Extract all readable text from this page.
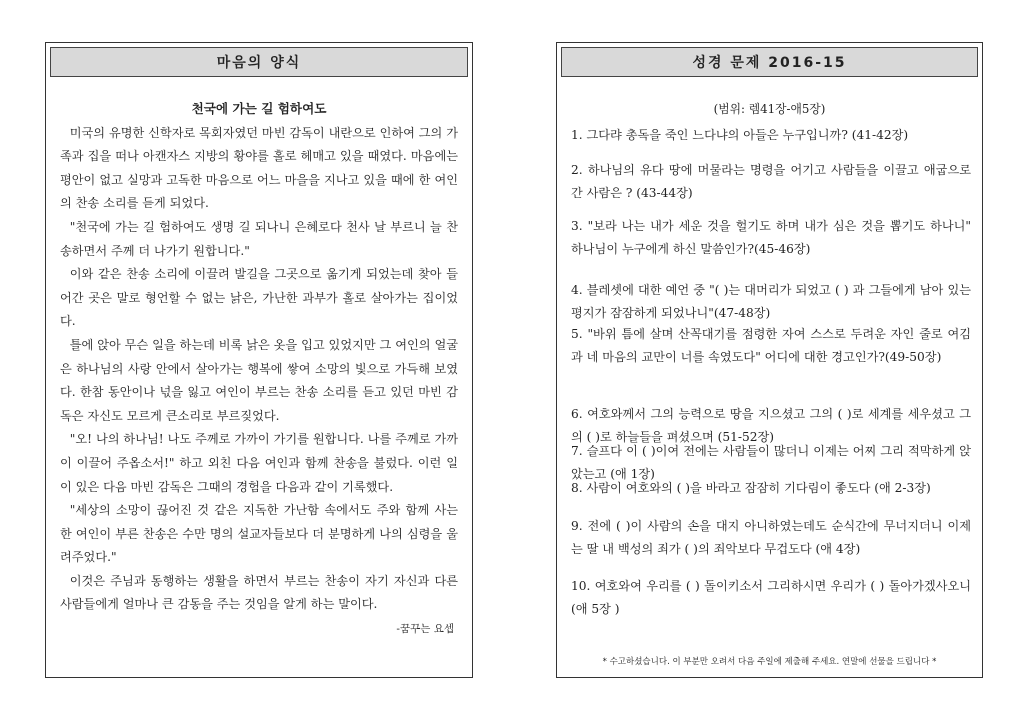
마음의 양식
천국에 가는 길 험하여도

미국의 유명한 신학자로 목회자였던 마빈 감독이 내란으로 인하여 그의 가족과 집을 떠나 아캔자스 지방의 황야를 홀로 헤매고 있을 때였다. 마음에는 평안이 없고 실망과 고독한 마음으로 어느 마을을 지나고 있을 때에 한 여인의 찬송 소리를 듣게 되었다.

"천국에 가는 길 험하여도 생명 길 되나니 은혜로다 천사 날 부르니 늘 찬송하면서 주께 더 나가기 원합니다."

이와 같은 찬송 소리에 이끌려 발길을 그곳으로 옮기게 되었는데 찾아 들어간 곳은 말로 형언할 수 없는 낡은, 가난한 과부가 홀로 살아가는 집이었다.

틀에 앉아 무슨 일을 하는데 비록 낡은 옷을 입고 있었지만 그 여인의 얼굴은 하나님의 사랑 안에서 살아가는 행복에 쌓여 소망의 빛으로 가득해 보였다. 한참 동안이나 넋을 잃고 여인이 부르는 찬송 소리를 듣고 있던 마빈 감독은 자신도 모르게 큰소리로 부르짖었다.

"오! 나의 하나님! 나도 주께로 가까이 가기를 원합니다. 나를 주께로 가까이 이끌어 주옵소서!" 하고 외친 다음 여인과 함께 찬송을 불렀다. 이런 일이 있은 다음 마빈 감독은 그때의 경험을 다음과 같이 기록했다.

"세상의 소망이 끊어진 것 같은 지독한 가난함 속에서도 주와 함께 사는 한 여인이 부른 찬송은 수만 명의 설교자들보다 더 분명하게 나의 심령을 울려주었다."

이것은 주님과 동행하는 생활을 하면서 부르는 찬송이 자기 자신과 다른 사람들에게 얼마나 큰 감동을 주는 것임을 알게 하는 말이다.

-꿈꾸는 요셉
성경 문제 2016-15
(범위: 렘41장-애5장)
1. 그다랴 총독을 죽인 느다냐의 아들은 누구입니까? (41-42장)
2. 하나님의 유다 땅에 머물라는 명령을 어기고 사람들을 이끌고 애굽으로 간 사람은 ? (43-44장)
3. "보라 나는 내가 세운 것을 헐기도 하며 내가 심은 것을 뽑기도 하나니" 하나님이 누구에게 하신 말씀인가?(45-46장)
4. 블레셋에 대한 예언 중 "( )는 대머리가 되었고 ( ) 과 그들에게 남아 있는 평지가 잠잠하게 되었나니"(47-48장)
5. "바위 틈에 살며 산꼭대기를 점령한 자여 스스로 두려운 자인 줄로 여김과 네 마음의 교만이 너를 속였도다" 어디에 대한 경고인가?(49-50장)
6. 여호와께서 그의 능력으로 땅을 지으셨고 그의 ( )로 세계를 세우셨고 그의 ( )로 하늘들을 펴셨으며 (51-52장)
7. 슬프다 이 ( )이여 전에는 사람들이 많더니 이제는 어찌 그리 적막하게 앉았는고 (애 1장)
8. 사람이 여호와의 ( )을 바라고 잠잠히 기다림이 좋도다 (애 2-3장)
9. 전에 ( )이 사람의 손을 대지 아니하였는데도 순식간에 무너지더니 이제는 딸 내 백성의 죄가 ( )의 죄악보다 무겁도다 (애 4장)
10. 여호와여 우리를 ( ) 돌이키소서 그리하시면 우리가 ( ) 돌아가겠사오니 (애 5장 )
* 수고하셨습니다. 이 부분만 오려서 다음 주일에 제출해 주세요. 연말에 선물을 드립니다 *
